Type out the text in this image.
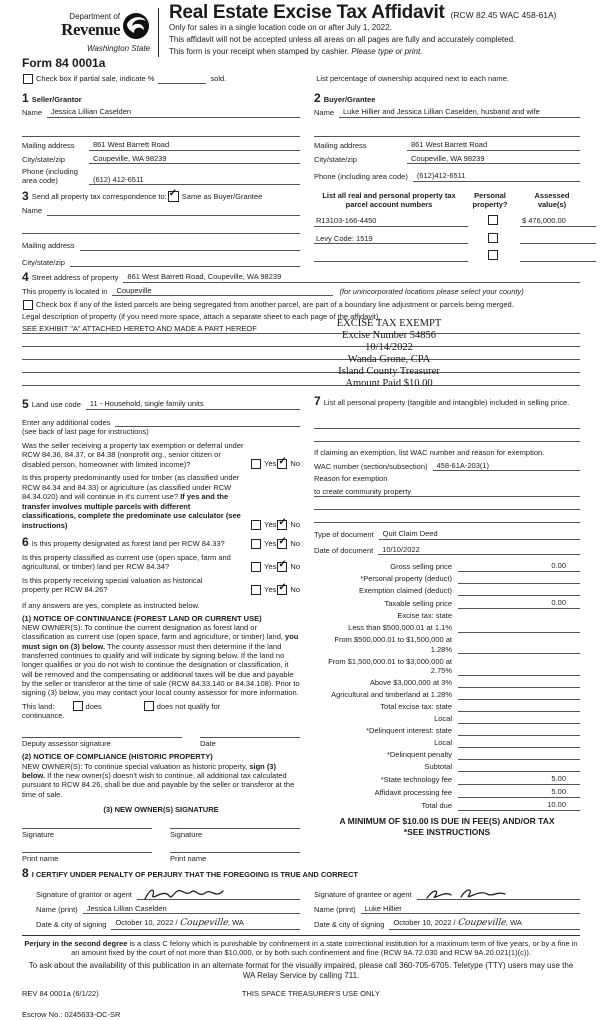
Department of
Revenue
Washington State
Form 84 0001a
Real Estate Excise Tax Affidavit (RCW 82.45 WAC 458-61A)
Only for sales in a single location code on or after July 1, 2022.
This affidavit will not be accepted unless all areas on all pages are fully and accurately completed.
This form is your receipt when stamped by cashier. Please type or print.
Check box if partial sale, indicate %	sold.	List percentage of ownership acquired next to each name.
1 Seller/Grantor
Name	Jessica Lillian Caselden

Mailing address	861 West Barrett Road
City/state/zip	Coupeville, WA 98239
Phone (including
area code)	(612) 412-6511
2 Buyer/Grantee
Name	Luke Hillier and Jessica Lillian Caselden, husband and wife

Mailing address	861 West Barrett Road
City/state/zip	Coupeville, WA 98239
Phone (including area code)	(612)412-6511
3 Send all property tax correspondence to: ✓ Same as Buyer/Grantee
Name

Mailing address

City/state/zip

List all real and personal property tax
parcel account numbers
Personal
property?
Assessed
value(s)
R13103-166-4450	$ 476,000.00
Levy Code: 1519

4 Street address of property	861 West Barrett Road, Coupeville, WA 98239
This property is located in	Coupeville	(for unincorporated locations please select your county)
Check box if any of the listed parcels are being segregated from another parcel, are part of a boundary line adjustment or parcels being merged.
Legal description of property (if you need more space, attach a separate sheet to each page of the affidavit).
SEE EXHIBIT "A" ATTACHED HERETO AND MADE A PART HEREOF	EXCISE TAX EXEMPT
Excise Number 54856
10/14/2022
Wanda Grone, CPA
Island County Treasurer
Amount Paid $10.00
5 Land use code	11 - Household, single family units
Enter any additional codes

(see back of last page for instructions)
Was the seller receiving a property tax exemption or deferral under RCW 84.36, 84.37, or 84.38 (nonprofit org., senior citizen or disabled person, homeowner with limited income)?	Yes ✓ No
Is this property predominantly used for timber (as classified under RCW 84.34 and 84.33) or agriculture (as classified under RCW 84.34.020) and will continue in it's current use? If yes and the transfer involves multiple parcels with different classifications, complete the predominate use calculator (see instructions)	Yes ✓ No
6 Is this property designated as forest land per RCW 84.33?	Yes ✓ No
Is this property classified as current use (open space, farm and agricultural, or timber) land per RCW 84.34?	Yes ✓ No
Is this property receiving special valuation as historical
property per RCW 84.26?	Yes ✓ No
If any answers are yes, complete as instructed below.
(1) NOTICE OF CONTINUANCE (FOREST LAND OR CURRENT USE)
NEW OWNER(S): To continue the current designation as forest land or classification as current use (open space, farm and agriculture, or timber) land, you must sign on (3) below. The county assessor must then determine if the land transferred continues to qualify and will indicate by signing below. If the land no longer qualifies or you do not wish to continue the designation or classification, it will be removed and the compensating or additional taxes will be due and payable by the seller or transferor at the time of sale (RCW 84.33.140 or 84.34.108). Prior to signing (3) below, you may contact your local county assessor for more information.
This land:	does	does not qualify for
continuance.
Deputy assessor signature	Date
(2) NOTICE OF COMPLIANCE (HISTORIC PROPERTY)
NEW OWNER(S): To continue special valuation as historic property, sign (3) below. If the new owner(s) doesn't wish to continue, all additional tax calculated pursuant to RCW 84.26, shall be due and payable by the seller or transferor at the time of sale.
(3) NEW OWNER(S) SIGNATURE
Signature	Signature
Print name	Print name
7 List all personal property (tangible and intangible) included in selling price.
If claiming an exemption, list WAC number and reason for exemption.
WAC number (section/subsection)	458-61A-203(1)
Reason for exemption
to create community property
Type of document	Quit Claim Deed
Date of document	10/10/2022
Gross selling price	0.00
*Personal property (deduct)
Exemption claimed (deduct)
Taxable selling price	0.00
Excise tax: state
Less than $500,000.01 at 1.1%
From $500,000.01 to $1,500,000 at 1.28%
From $1,500,000.01 to $3,000,000 at 2.75%
Above $3,000,000 at 3%
Agricultural and timberland at 1.28%
Total excise tax: state
Local
*Delinquent interest: state
Local
*Delinquent penalty
Subtotal
*State technology fee	5.00
Affidavit processing fee	5.00
Total due	10.00
A MINIMUM OF $10.00 IS DUE IN FEE(S) AND/OR TAX
*SEE INSTRUCTIONS
8 I CERTIFY UNDER PENALTY OF PERJURY THAT THE FOREGOING IS TRUE AND CORRECT
Signature of grantor or agent
Name (print)	Jessica Lillian Caselden
Date & city of signing	October 10, 2022 / Coupeville, WA
Signature of grantee or agent
Name (print)	Luke Hillier
Date & city of signing	October 10, 2022 / Coupeville, WA
Perjury in the second degree is a class C felony which is punishable by confinement in a state correctional institution for a maximum term of five years, or by a fine in an amount fixed by the court of not more than $10,000, or by both such confinement and fine (RCW 9A.72.030 and RCW 9A.20.021(1)(c)).
To ask about the availability of this publication in an alternate format for the visually impaired, please call 360-705-6705. Teletype (TTY) users may use the WA Relay Service by calling 711.
REV 84 0001a (6/1/22)	THIS SPACE TREASURER'S USE ONLY
Escrow No.: 0245633-OC-SR
